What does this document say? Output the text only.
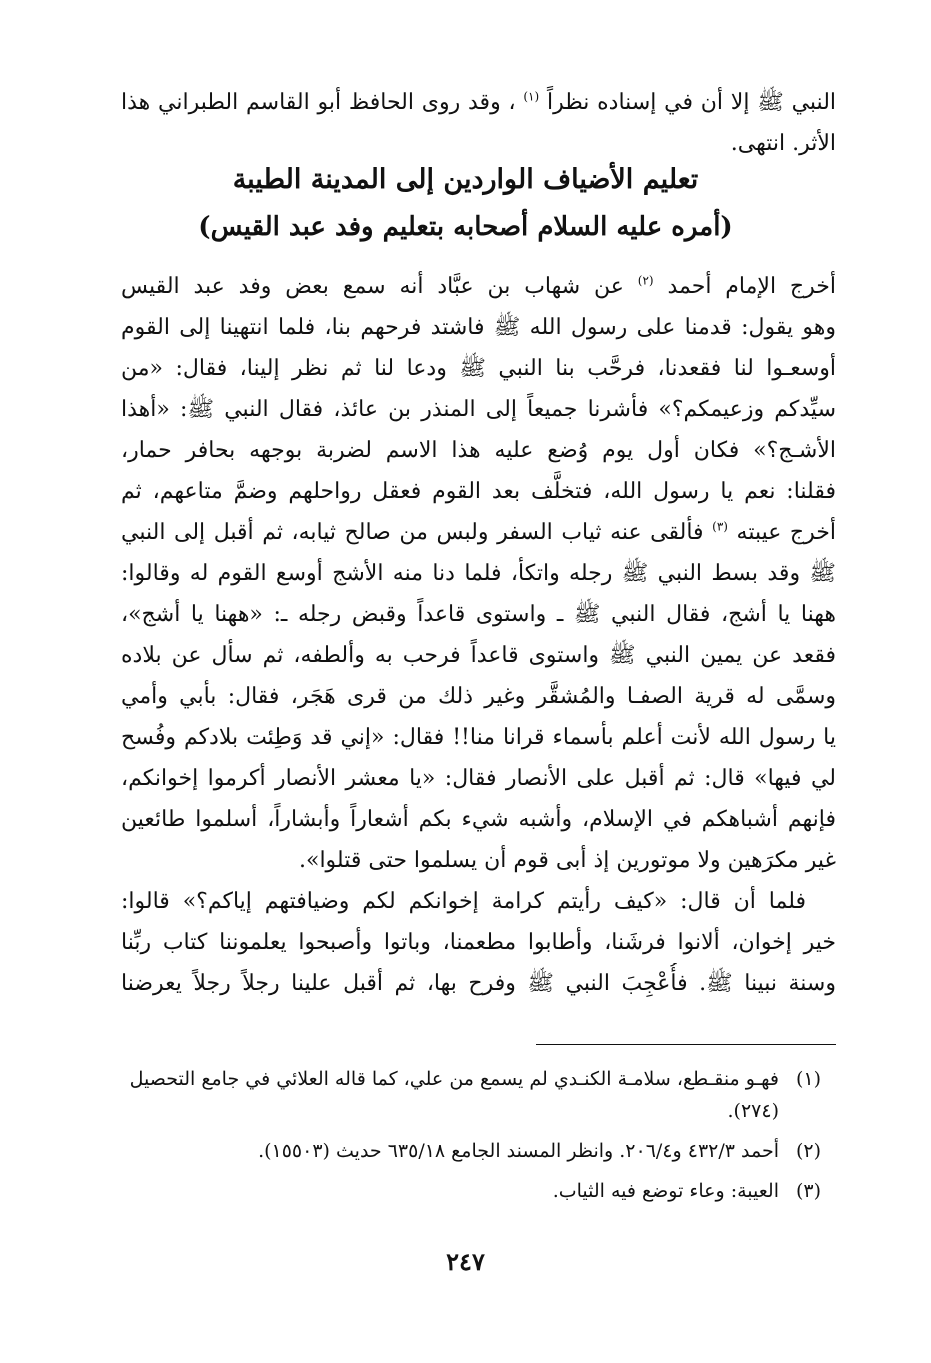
النبي ﷺ إلا أن في إسناده نظراً $^{(١)}$ ، وقد روى الحافظ أبو القاسم الطبراني هذا
الأثر. انتهى.
تعليم الأضياف الواردين إلى المدينة الطيبة
(أمره عليه السلام أصحابه بتعليم وفد عبد القيس)
أخرج الإمام أحمد $^{(٢)}$ عن شهاب بن عبَّاد أنه سمع بعض وفد عبد القيس
وهو يقول: قدمنا على رسول الله ﷺ فاشتد فرحهم بنا، فلما انتهينا إلى القوم
أوسعـوا لنا فقعدنا، فرحَّب بنا النبي ﷺ ودعا لنا ثم نظر إلينا، فقال: «من
سيِّدكم وزعيمكم؟» فأشرنا جميعاً إلى المنذر بن عائذ، فقال النبي ﷺ: «أهذا
الأشـج؟» فكان أول يوم وُضع عليه هذا الاسم لضربة بوجهه بحافر حمار،
فقلنا: نعم يا رسول الله، فتخلَّف بعد القوم فعقل رواحلهم وضمَّ متاعهم، ثم
أخرج عيبته $^{(٣)}$ فألقى عنه ثياب السفر ولبس من صالح ثيابه، ثم أقبل إلى النبي
ﷺ وقد بسط النبي ﷺ رجله واتكأ، فلما دنا منه الأشج أوسع القوم له وقالوا:
ههنا يا أشج، فقال النبي ﷺ ـ واستوى قاعداً وقبض رجله ـ: «ههنا يا أشج»،
فقعد عن يمين النبي ﷺ واستوى قاعداً فرحب به وألطفه، ثم سأل عن بلاده
وسمَّى له قرية الصفـا والمُشقَّر وغير ذلك من قرى هَجَر، فقال: بأبي وأمي
يا رسول الله لأنت أعلم بأسماء قرانا منا!! فقال: «إني قد وَطِئت بلادكم وفُسح
لي فيها» قال: ثم أقبل على الأنصار فقال: «يا معشر الأنصار أكرموا إخوانكم،
فإنهم أشباهكم في الإسلام، وأشبه شيء بكم أشعاراً وأبشاراً، أسلموا طائعين
غير مكرَهين ولا موتورين إذ أبى قوم أن يسلموا حتى قتلوا».
فلما أن قال: «كيف رأيتم كرامة إخوانكم لكم وضيافتهم إياكم؟» قالوا:
خير إخوان، ألانوا فرشَنا، وأطابوا مطعمنا، وباتوا وأصبحوا يعلموننا كتاب ربِّنا
وسنة نبينا ﷺ. فأُعْجِبَ النبي ﷺ وفرح بها، ثم أقبل علينا رجلاً رجلاً يعرضنا
(١)
فهـو منقـطع، سلامـة الكنـدي لم يسمع من علي، كما قاله العلائي في جامع التحصيل (٢٧٤).
(٢)
أحمد ٤٣٢/٣ و٢٠٦/٤. وانظر المسند الجامع ٦٣٥/١٨ حديث (١٥٥٠٣).
(٣)
العيبة: وعاء توضع فيه الثياب.
٢٤٧
